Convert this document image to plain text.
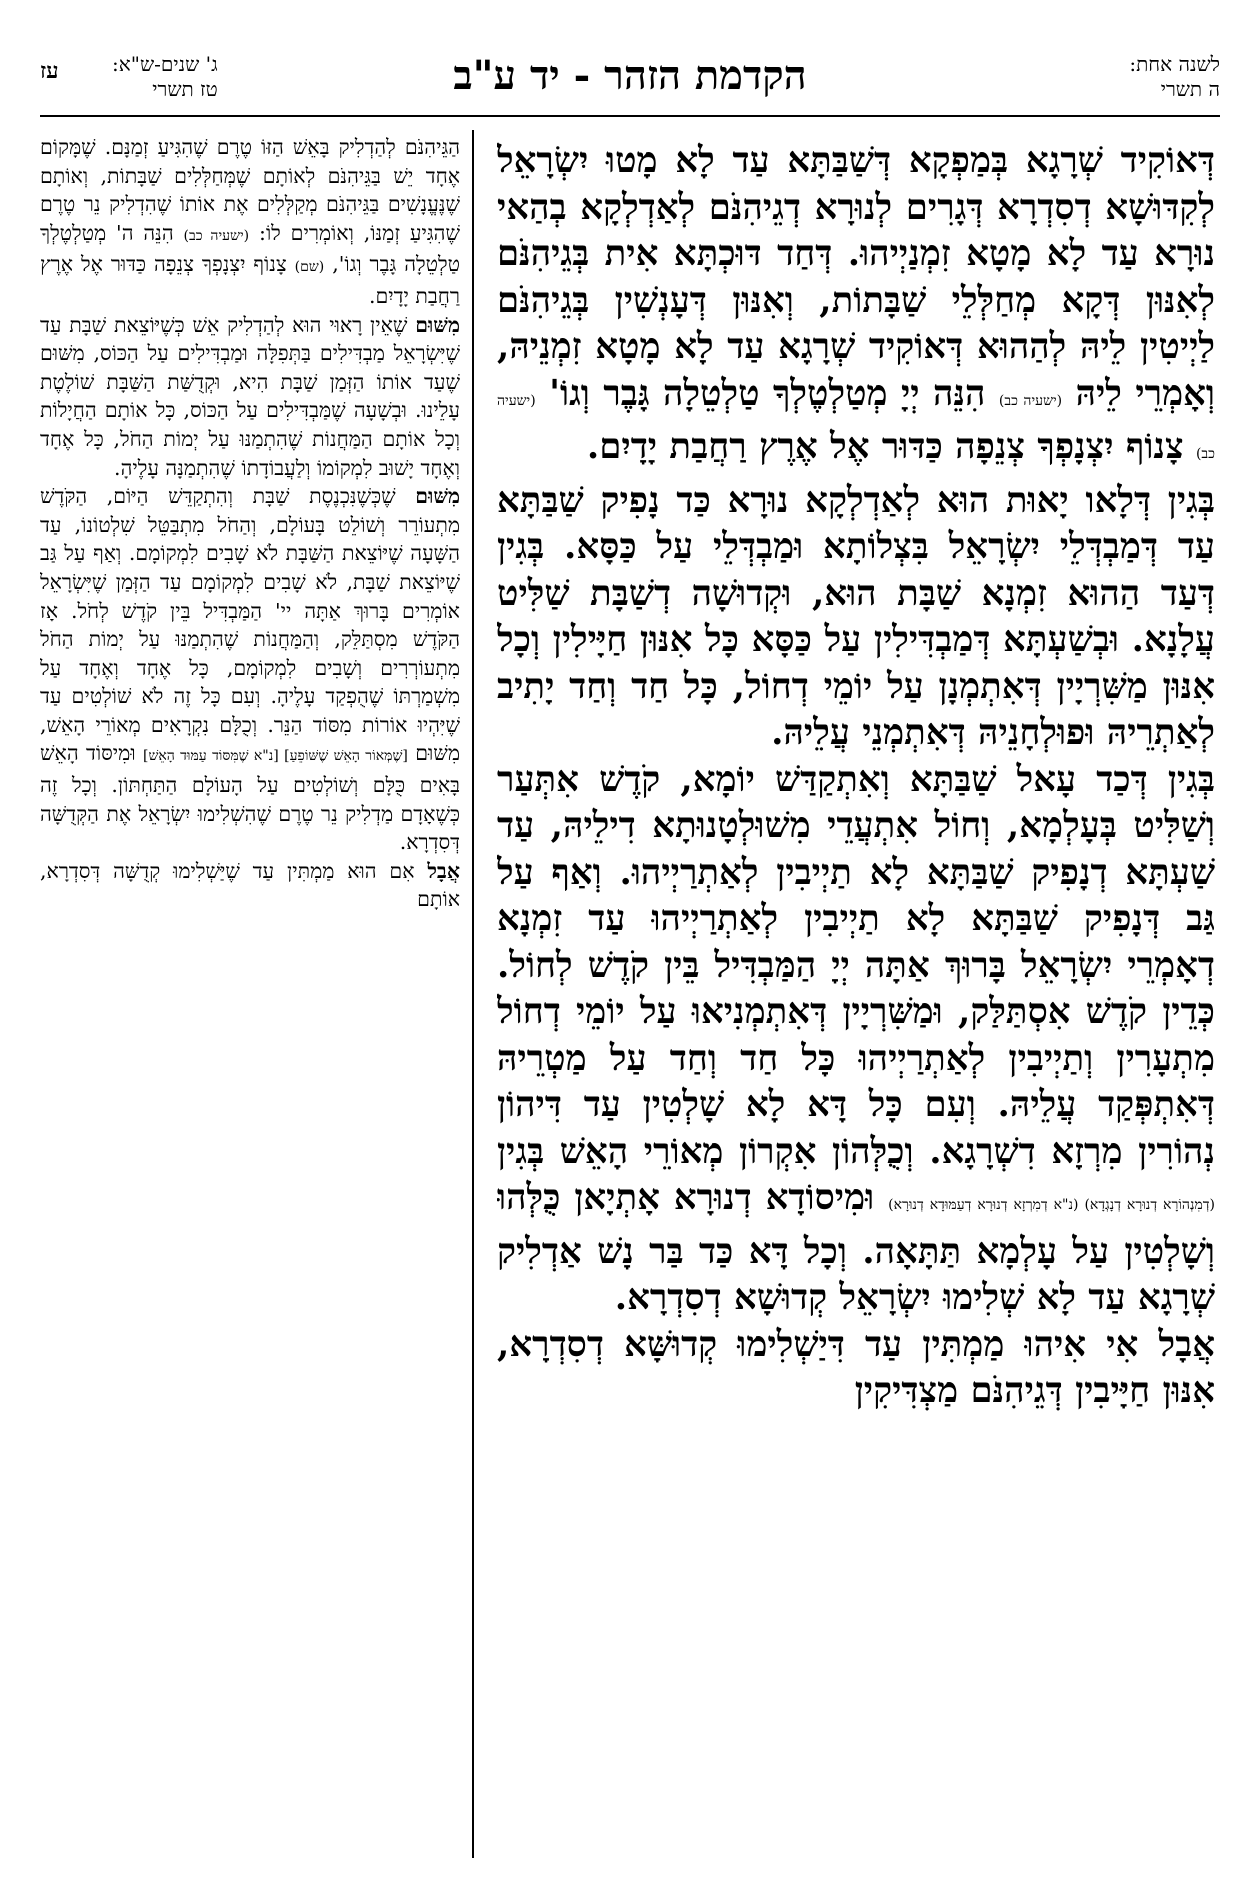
לשנה אחת:
ה תשרי
הקדמת הזהר - יד ע"ב
ג' שנים-ש"א:
טז תשרי
עז

דְּאוֹקִיד שְׁרָגָא בְּמַפְקָא דְּשַׁבַּתָּא עַד לָא מָטוּ יִשְׂרָאֵל לְקִדּוּשָׁא דְסִדְרָא דְּגָרִים לְנוּרָא דְגֵיהִנֹּם לְאַדְלְקָא בְהַאי נוּרָא עַד לָא מָטָא זִמְנַיְיהוּ. דְּחַד דּוּכְתָּא אִית בְּגֵיהִנֹּם לְאִנּוּן דְּקָא מְחַלְּלֵי שַׁבָּתוֹת, וְאִנּוּן דְּעָנְשִׁין בְּגֵיהִנֹּם לַיְיטִין לֵיהּ לְהַהוּא דְּאוֹקִיד שְׁרָגָא עַד לָא מָטָא זִמְנֵיהּ, וְאָמְרֵי לֵיהּ (ישעיה כב) הִנֵּה יְיָ מְטַלְטֶלְךָ טַלְטֵלָה גָּבֶר וְגוֹ' (ישעיה כב) צָנוֹף יִצְנָפְךָ צְנֵפָה כַּדּוּר אֶל אֶרֶץ רַחֲבַת יָדָיִם.

בְּגִין דְּלָאו יָאוּת הוּא לְאַדְלְקָא נוּרָא כַּד נָפִיק שַׁבַּתָּא עַד דְּמַבְדְּלֵי יִשְׂרָאֵל בִּצְלוֹתָא וּמַבְדְּלֵי עַל כַּסָּא. בְּגִין דְּעַד הַהוּא זִמְנָא שַׁבָּת הוּא, וּקְדוּשָׁה דְשַׁבָּת שַׁלִּיט עֲלָנָא. וּבְשַׁעְתָּא דְּמַבְדִּילִין עַל כַּסָּא כָּל אִנּוּן חַיָּילִין וְכָל אִנּוּן מַשִּׁרְיָין דְּאִתְמְנָן עַל יוֹמֵי דְחוֹל, כָּל חַד וְחַד יָתִיב לְאַתְרֵיהּ וּפוּלְחָנֵיהּ דְּאִתְמְנֵי עֲלֵיהּ.

בְּגִין דְּכַד עָאל שַׁבַּתָּא וְאִתְקַדַּשׁ יוֹמָא, קֹדֶשׁ אִתְּעַר וְשַׁלִּיט בְּעָלְמָא, וְחוֹל אִתְעֲדֵי מִשׁוּלְטָנוּתָא דִילֵיהּ, עַד שַׁעְתָּא דְנָפִיק שַׁבַּתָּא לָא תַיְיבִין לְאַתְרַיְיהוּ. וְאַף עַל גַּב דְּנָפִיק שַׁבַּתָּא לָא תַיְיבִין לְאַתְרַיְיהוּ עַד זִמְנָא דְאָמְרֵי יִשְׂרָאֵל בָּרוּךְ אַתָּה יְיָ הַמַּבְדִּיל בֵּין קֹדֶשׁ לְחוֹל. כְּדֵין קֹדֶשׁ אִסְתַּלַּק, וּמַשִּׁרְיָין דְּאִתְמְנִיאוּ עַל יוֹמֵי דְחוֹל מִתְעָרִין וְתַיְיבִין לְאַתְרַיְיהוּ כָּל חַד וְחַד עַל מַטְרֵיהּ דְּאִתְפְּקַד עֲלֵיהּ. וְעִם כָּל דָּא לָא שָׁלְטִין עַד דִּיהוֹן נְהוֹרִין מִרְזָא דִשְׁרָגָא. וְכֻלְּהוֹן אִקְרוֹן מְאוֹרֵי הָאֵשׁ בְּגִין (דְמִנְהוֹרָא דְנוּרָא דְנָגְדָא) (נ"א דְמִרְזָא דְנוּרָא דְעַמּוּדָא דְנוּרָא) וּמִיסוֹדָא דְנוּרָא אָתְיָאן כֻּלְּהוּ וְשָׁלְטִין עַל עָלְמָא תַּתָּאָה. וְכָל דָּא כַּד בַּר נָשׁ אַדְלִיק שְׁרָגָא עַד לָא שְׁלִימוּ יִשְׂרָאֵל קְדוּשָׁא דְסִדְרָא.

אֲבָל אִי אִיהוּ מַמְתִּין עַד דִּיַשְׁלִימוּ קְדוּשָּׁא דְסִדְרָא, אִנּוּן חַיָּיבִין דְּגֵיהִנֹּם מַצְדִּיקִין

הַגֵּיהִנֹּם לְהַדְלִיק בָּאֵשׁ הַזּוֹ טֶרֶם שֶׁהִגִּיעַ זְמַנָּם. שֶׁמָּקוֹם אֶחָד יֵשׁ בַּגֵּיהִנֹּם לְאוֹתָם שֶׁמְּחַלְּלִים שַׁבָּתוֹת, וְאוֹתָם שֶׁנֶּעֱנָשִׁים בַּגֵּיהִנֹּם מְקַלְּלִים אֶת אוֹתוֹ שֶׁהִדְלִיק נֵר טֶרֶם שֶׁהִגִּיעַ זְמַנּוֹ, וְאוֹמְרִים לוֹ: (ישעיה כב) הִנֵּה ה' מְטַלְטֶלְךָ טַלְטֵלָה גָּבֶר וְגוֹ', (שם) צָנוֹף יִצְנָפְךָ צְנֵפָה כַּדּוּר אֶל אֶרֶץ רַחֲבַת יָדָיִם.

מִשּׁוּם שֶׁאֵין רָאוּי הוּא לְהַדְלִיק אֵשׁ כְּשֶׁיּוֹצֵאת שַׁבָּת עַד שֶׁיִּשְׂרָאֵל מַבְדִּילִים בַּתְּפִלָּה וּמַבְדִּילִים עַל הַכּוֹס, מִשּׁוּם שֶׁעַד אוֹתוֹ הַזְּמַן שַׁבָּת הִיא, וּקְדֻשַּׁת הַשַּׁבָּת שׁוֹלֶטֶת עָלֵינוּ. וּבְשָׁעָה שֶׁמַּבְדִּילִים עַל הַכּוֹס, כָּל אוֹתָם הַחֲיָלוֹת וְכָל אוֹתָם הַמַּחֲנוֹת שֶׁהִתְמַנּוּ עַל יְמוֹת הַחֹל, כָּל אֶחָד וְאֶחָד יָשׁוּב לִמְקוֹמוֹ וְלַעֲבוֹדָתוֹ שֶׁהִתְמַנָּה עָלֶיהָ.

מִשּׁוּם שֶׁכְּשֶׁנִּכְנֶסֶת שַׁבָּת וְהִתְקַדֵּשׁ הַיּוֹם, הַקֹּדֶשׁ מִתְעוֹרֵר וְשׁוֹלֵט בָּעוֹלָם, וְהַחֹל מִתְבַּטֵּל שִׁלְטוֹנוֹ, עַד הַשָּׁעָה שֶׁיּוֹצֵאת הַשַּׁבָּת לֹא שָׁבִים לִמְקוֹמָם. וְאַף עַל גַּב שֶׁיּוֹצֵאת שַׁבָּת, לֹא שָׁבִים לִמְקוֹמָם עַד הַזְּמַן שֶׁיִּשְׂרָאֵל אוֹמְרִים בָּרוּךְ אַתָּה יי' הַמַּבְדִּיל בֵּין קֹדֶשׁ לְחֹל. אָז הַקֹּדֶשׁ מִסְתַּלֵּק, וְהַמַּחֲנוֹת שֶׁהִתְמַנּוּ עַל יְמוֹת הַחֹל מִתְעוֹרְרִים וְשָׁבִים לִמְקוֹמָם, כָּל אֶחָד וְאֶחָד עַל מִשְׁמַרְתּוֹ שֶׁהֻפְקַד עָלֶיהָ. וְעִם כָּל זֶה לֹא שׁוֹלְטִים עַד שֶׁיִּהְיוּ אוֹרוֹת מִסּוֹד הַנֵּר. וְכֻלָּם נִקְרָאִים מְאוֹרֵי הָאֵשׁ, מִשּׁוּם [שֶׁמְּאוֹר הָאֵשׁ שֶׁשּׁוֹפֵעַ] [נ"א שֶׁמִּסּוֹד עַמּוּד הָאֵשׁ] וּמִיסּוֹד הָאֵשׁ בָּאִים כֻּלָּם וְשׁוֹלְטִים עַל הָעוֹלָם הַתַּחְתּוֹן. וְכָל זֶה כְּשֶׁאָדָם מַדְלִיק נֵר טֶרֶם שֶׁהִשְׁלִימוּ יִשְׂרָאֵל אֶת הַקְּדֻשָּׁה דְּסִדְרָא.

אֲבָל אִם הוּא מַמְתִּין עַד שֶׁיַּשְׁלִימוּ קְדֻשָּׁה דְּסִדְרָא, אוֹתָם
